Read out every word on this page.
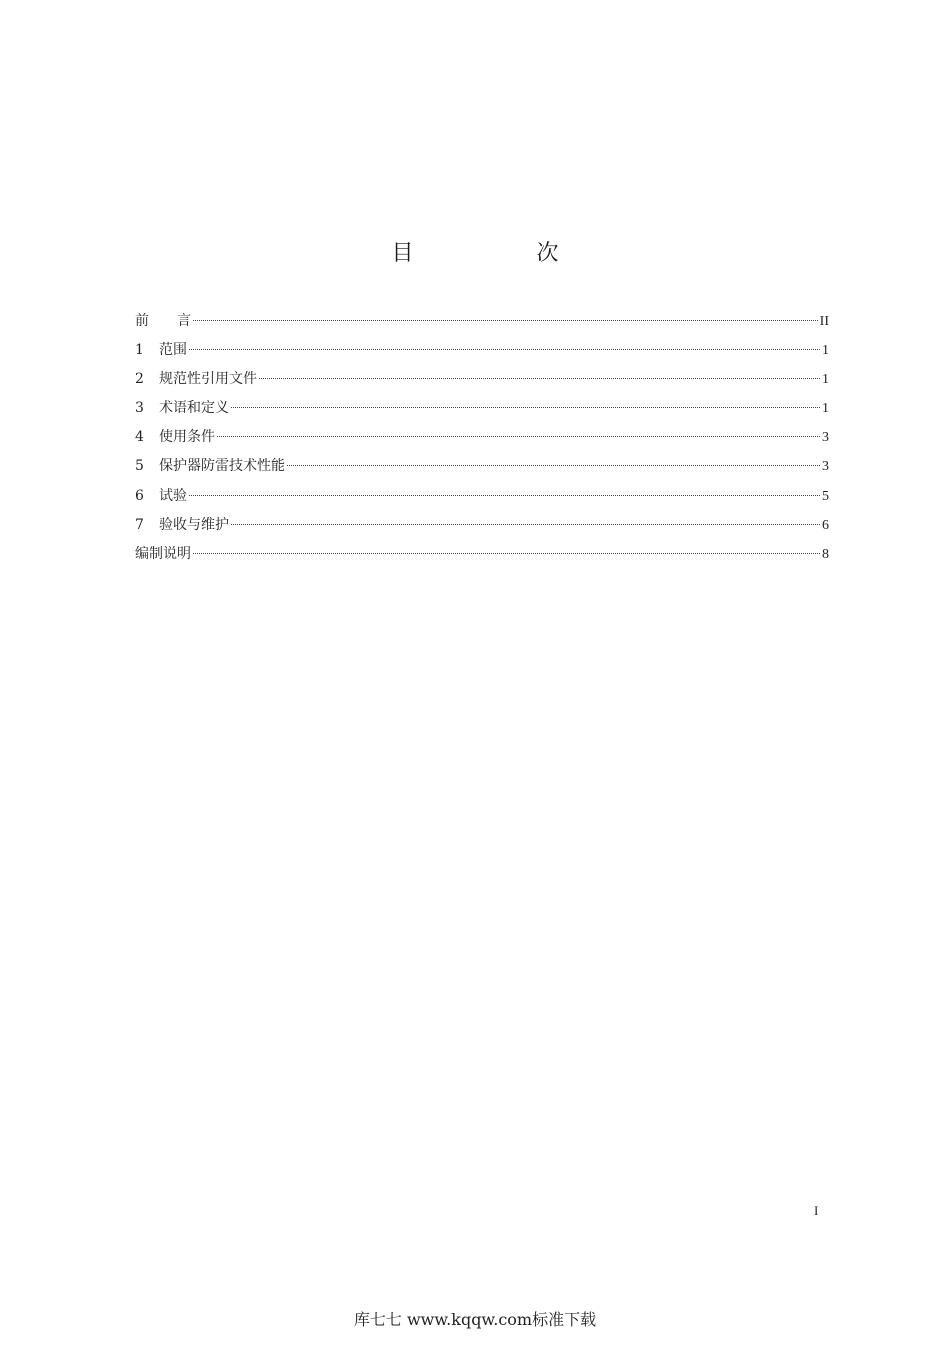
目 次
前　　言	II
1	范围	1
2	规范性引用文件	1
3	术语和定义	1
4	使用条件	3
5	保护器防雷技术性能	3
6	试验	5
7	验收与维护	6
编制说明	8
I
库七七 www.kqqw.com标准下载
